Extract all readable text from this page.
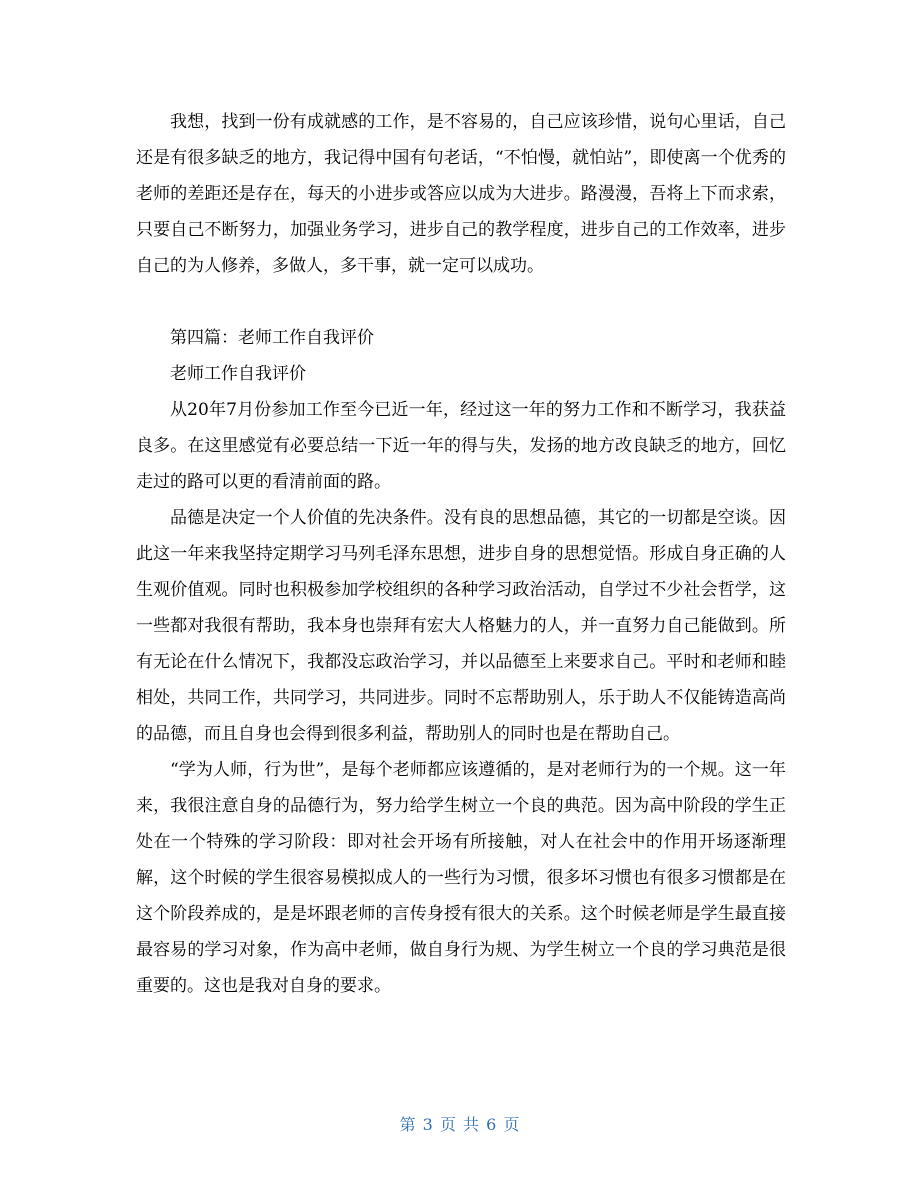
我想，找到一份有成就感的工作，是不容易的，自己应该珍惜，说句心里话，自己还是有很多缺乏的地方，我记得中国有句老话，“不怕慢，就怕站”，即使离一个优秀的老师的差距还是存在，每天的小进步或答应以成为大进步。路漫漫，吾将上下而求索，只要自己不断努力，加强业务学习，进步自己的教学程度，进步自己的工作效率，进步自己的为人修养，多做人，多干事，就一定可以成功。

第四篇：老师工作自我评价

老师工作自我评价

从20年7月份参加工作至今已近一年，经过这一年的努力工作和不断学习，我获益良多。在这里感觉有必要总结一下近一年的得与失，发扬的地方改良缺乏的地方，回忆走过的路可以更的看清前面的路。

品德是决定一个人价值的先决条件。没有良的思想品德，其它的一切都是空谈。因此这一年来我坚持定期学习马列毛泽东思想，进步自身的思想觉悟。形成自身正确的人生观价值观。同时也积极参加学校组织的各种学习政治活动，自学过不少社会哲学，这一些都对我很有帮助，我本身也崇拜有宏大人格魅力的人，并一直努力自己能做到。所有无论在什么情况下，我都没忘政治学习，并以品德至上来要求自己。平时和老师和睦相处，共同工作，共同学习，共同进步。同时不忘帮助别人，乐于助人不仅能铸造高尚的品德，而且自身也会得到很多利益，帮助别人的同时也是在帮助自己。

“学为人师，行为世”，是每个老师都应该遵循的，是对老师行为的一个规。这一年来，我很注意自身的品德行为，努力给学生树立一个良的典范。因为高中阶段的学生正处在一个特殊的学习阶段：即对社会开场有所接触，对人在社会中的作用开场逐渐理解，这个时候的学生很容易模拟成人的一些行为习惯，很多坏习惯也有很多习惯都是在这个阶段养成的，是是坏跟老师的言传身授有很大的关系。这个时候老师是学生最直接最容易的学习对象，作为高中老师，做自身行为规、为学生树立一个良的学习典范是很重要的。这也是我对自身的要求。

第 3 页 共 6 页
